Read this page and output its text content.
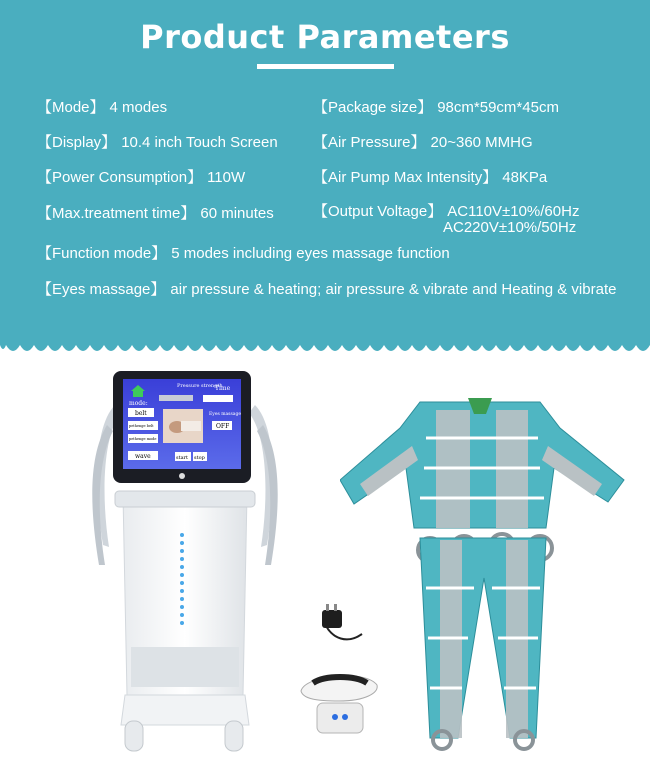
Product Parameters
【Mode】 4 modes	【Package size】 98cm*59cm*45cm
【Display】 10.4 inch Touch Screen 【Air Pressure】 20~360 MMHG
【Power Consumption】 110W	【Air Pump Max Intensity】 48KPa
【Max.treatment time】 60 minutes	【Output Voltage】 AC110V±10%/60Hz
AC220V±10%/50Hz
【Function mode】 5 modes including eyes massage function
【Eyes massage】 air pressure & heating; air pressure & vibrate and Heating & vibrate
Pressure strength
Time
mode:
belt
pethenge belt
pethenge mode
wave
Eyes massage
OFF
start stop
